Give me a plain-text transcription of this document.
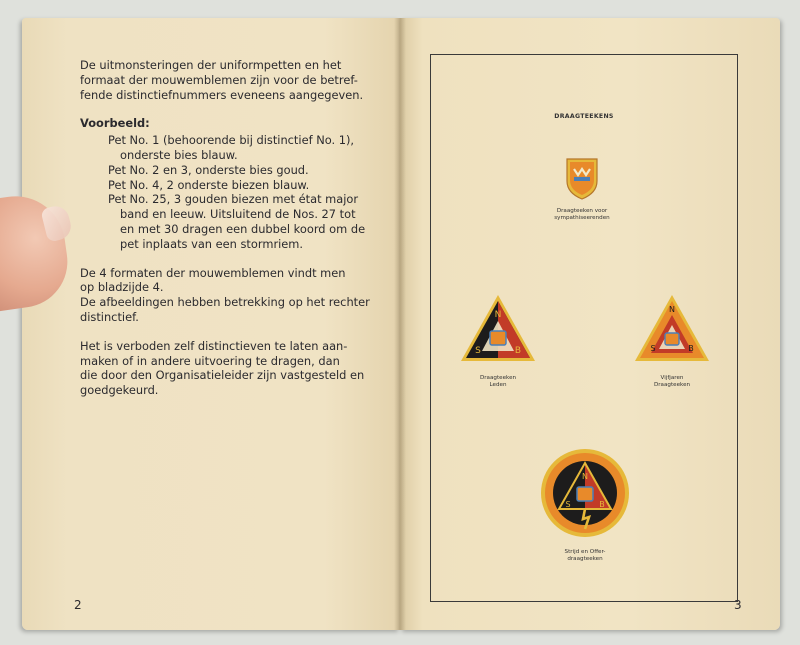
De uitmonsteringen der uniformpetten en het
formaat der mouwemblemen zijn voor de betref-
fende distinctiefnummers eveneens aangegeven.

Voorbeeld:
Pet No. 1 (behoorende bij distinctief No. 1),
onderste bies blauw.
Pet No. 2 en 3, onderste bies goud.
Pet No. 4, 2 onderste biezen blauw.
Pet No. 25, 3 gouden biezen met état major
band en leeuw. Uitsluitend de Nos. 27 tot
en met 30 dragen een dubbel koord om de
pet inplaats van een stormriem.

De 4 formaten der mouwemblemen vindt men
op bladzijde 4.
De afbeeldingen hebben betrekking op het rechter
distinctief.

Het is verboden zelf distinctieven te laten aan-
maken of in andere uitvoering te dragen, dan
die door den Organisatieleider zijn vastgesteld en
goedgekeurd.

2	3
DRAAGTEEKENS
Draagteeken voor
sympathiseerenden
N
S	B
Draagteeken
Leden
N
S	B
Vijfjaren
Draagteeken
N
S	B
Strijd en Offer-
draagteeken
